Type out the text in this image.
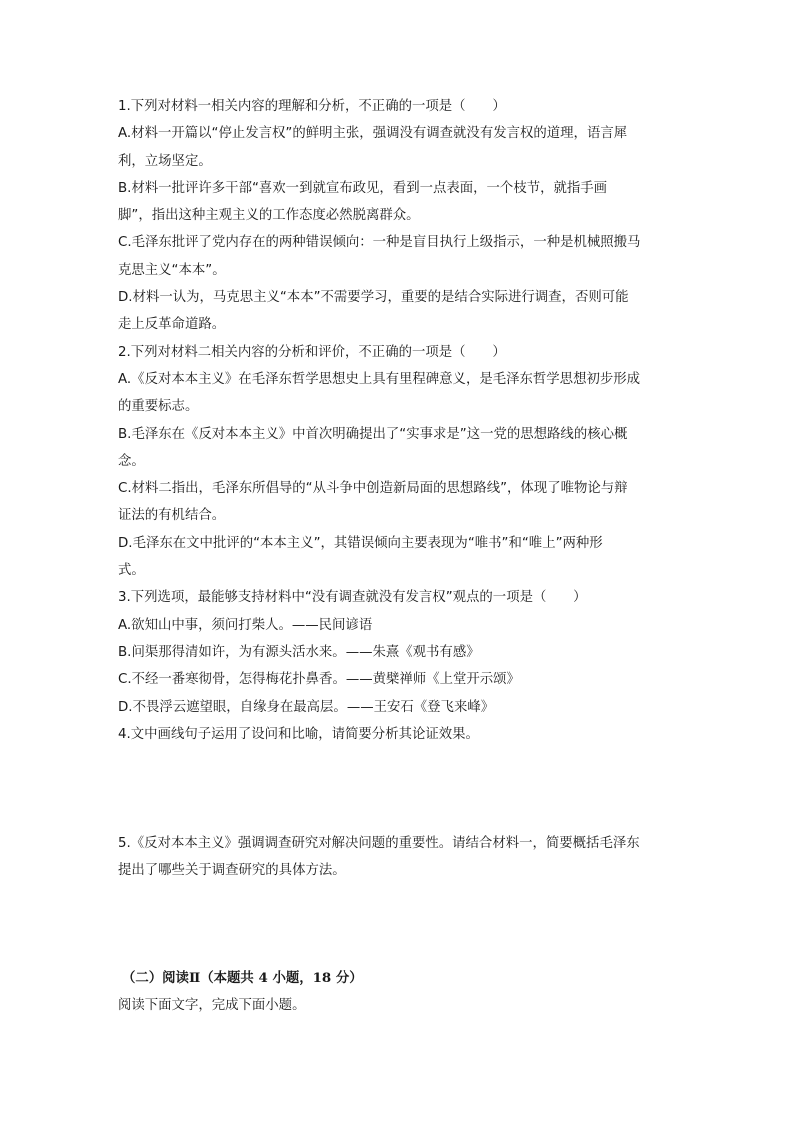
1.下列对材料一相关内容的理解和分析，不正确的一项是（　　）
A.材料一开篇以“停止发言权”的鲜明主张，强调没有调查就没有发言权的道理，语言犀
利，立场坚定。
B.材料一批评许多干部“喜欢一到就宣布政见，看到一点表面，一个枝节，就指手画
脚”，指出这种主观主义的工作态度必然脱离群众。
C.毛泽东批评了党内存在的两种错误倾向：一种是盲目执行上级指示，一种是机械照搬马
克思主义“本本”。
D.材料一认为，马克思主义“本本”不需要学习，重要的是结合实际进行调查，否则可能
走上反革命道路。
2.下列对材料二相关内容的分析和评价，不正确的一项是（　　）
A.《反对本本主义》在毛泽东哲学思想史上具有里程碑意义，是毛泽东哲学思想初步形成
的重要标志。
B.毛泽东在《反对本本主义》中首次明确提出了“实事求是”这一党的思想路线的核心概
念。
C.材料二指出，毛泽东所倡导的“从斗争中创造新局面的思想路线”，体现了唯物论与辩
证法的有机结合。
D.毛泽东在文中批评的“本本主义”，其错误倾向主要表现为“唯书”和“唯上”两种形
式。
3.下列选项，最能够支持材料中“没有调查就没有发言权”观点的一项是（　　）
A.欲知山中事，须问打柴人。——民间谚语
B.问渠那得清如许，为有源头活水来。——朱熹《观书有感》
C.不经一番寒彻骨，怎得梅花扑鼻香。——黄檗禅师《上堂开示颂》
D.不畏浮云遮望眼，自缘身在最高层。——王安石《登飞来峰》
4.文中画线句子运用了设问和比喻，请简要分析其论证效果。
5.《反对本本主义》强调调查研究对解决问题的重要性。请结合材料一，简要概括毛泽东
提出了哪些关于调查研究的具体方法。
（二）阅读Ⅱ（本题共 4 小题，18 分）
阅读下面文字，完成下面小题。
